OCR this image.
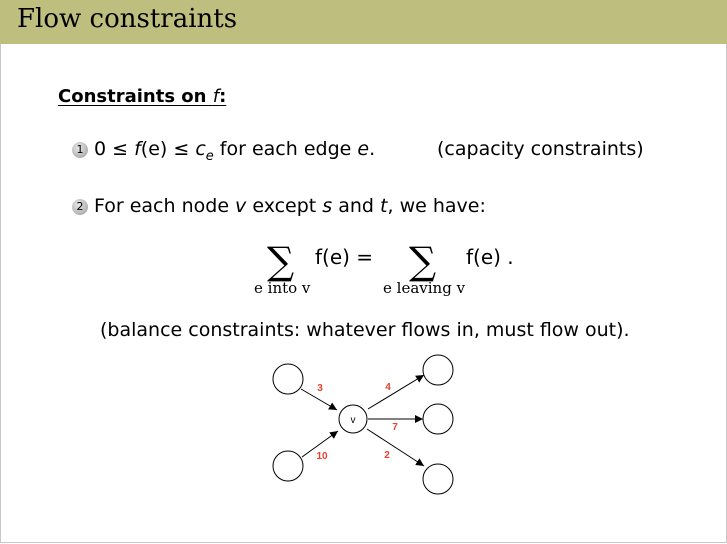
Flow constraints
Constraints on f:
1 $0 \le f(e) \le c_e$ for each edge e.	(capacity constraints)
2 For each node v except s and t, we have:
∑ f(e) = ∑ f(e) .
e into v	e leaving v
(balance constraints: whatever flows in, must flow out).
v
3
10
4
7
2
